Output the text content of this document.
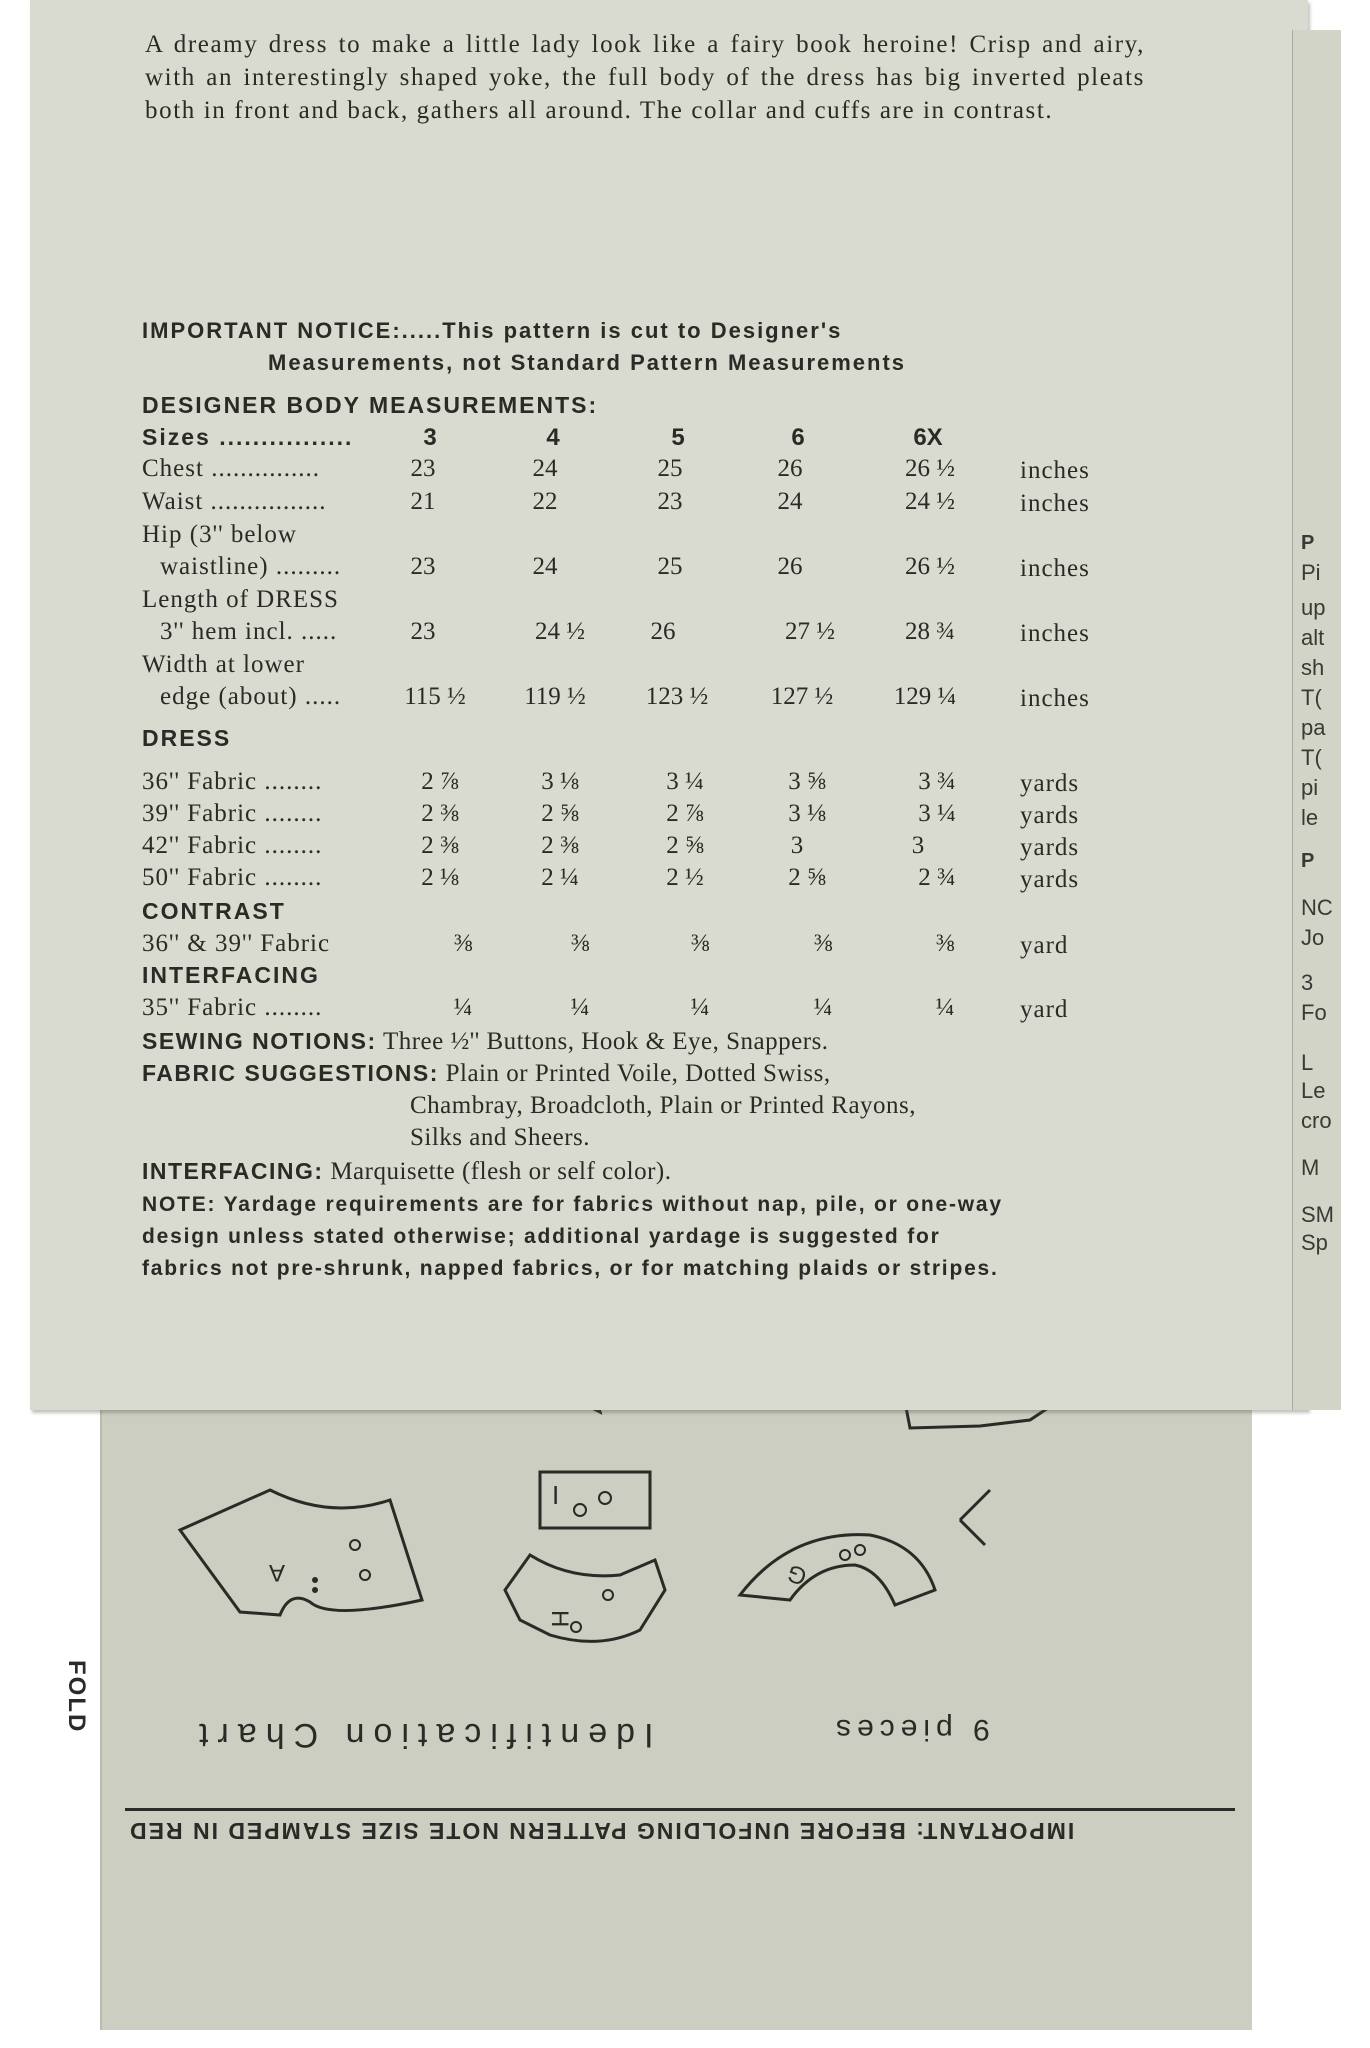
A
I
H
G
FOLD	9 pieces
Identification Chart
IMPORTANT: BEFORE UNFOLDING PATTERN NOTE SIZE STAMPED IN RED
P
Pi
up
alt
sh
T(
pa
T(
pi
le
P
NC
Jo
3
Fo
L
Le
cro
M
SM
Sp
A dreamy dress to make a little lady look like a fairy book heroine! Crisp and airy, with an interestingly shaped yoke, the full body of the dress has big inverted pleats both in front and back, gathers all around. The collar and cuffs are in contrast.
IMPORTANT NOTICE:.....This pattern is cut to Designer's
Measurements, not Standard Pattern Measurements
DESIGNER BODY MEASUREMENTS:
Sizes ................	3	4	5	6	6X
Chest ...............	23	24	25	26	26 ½	inches
Waist ................	21	22	23	24	24 ½	inches
Hip (3'' below
waistline) .........	23	24	25	26	26 ½	inches
Length of DRESS
3'' hem incl. .....	23	24 ½	26	27 ½	28 ¾	inches
Width at lower
edge (about) .....	115 ½	119 ½	123 ½	127 ½	129 ¼	inches
DRESS
36'' Fabric ........	2 ⅞	3 ⅛	3 ¼	3 ⅝	3 ¾	yards
39'' Fabric ........	2 ⅜	2 ⅝	2 ⅞	3 ⅛	3 ¼	yards
42'' Fabric ........	2 ⅜	2 ⅜	2 ⅝	3	3	yards
50'' Fabric ........	2 ⅛	2 ¼	2 ½	2 ⅝	2 ¾	yards
CONTRAST
36'' & 39'' Fabric	⅜	⅜	⅜	⅜	⅜	yard
INTERFACING
35'' Fabric ........	¼	¼	¼	¼	¼	yard
SEWING NOTIONS: Three ½'' Buttons, Hook & Eye, Snappers.
FABRIC SUGGESTIONS: Plain or Printed Voile, Dotted Swiss,
Chambray, Broadcloth, Plain or Printed Rayons,
Silks and Sheers.
INTERFACING: Marquisette (flesh or self color).
NOTE: Yardage requirements are for fabrics without nap, pile, or one-way
design unless stated otherwise; additional yardage is suggested for
fabrics not pre-shrunk, napped fabrics, or for matching plaids or stripes.
